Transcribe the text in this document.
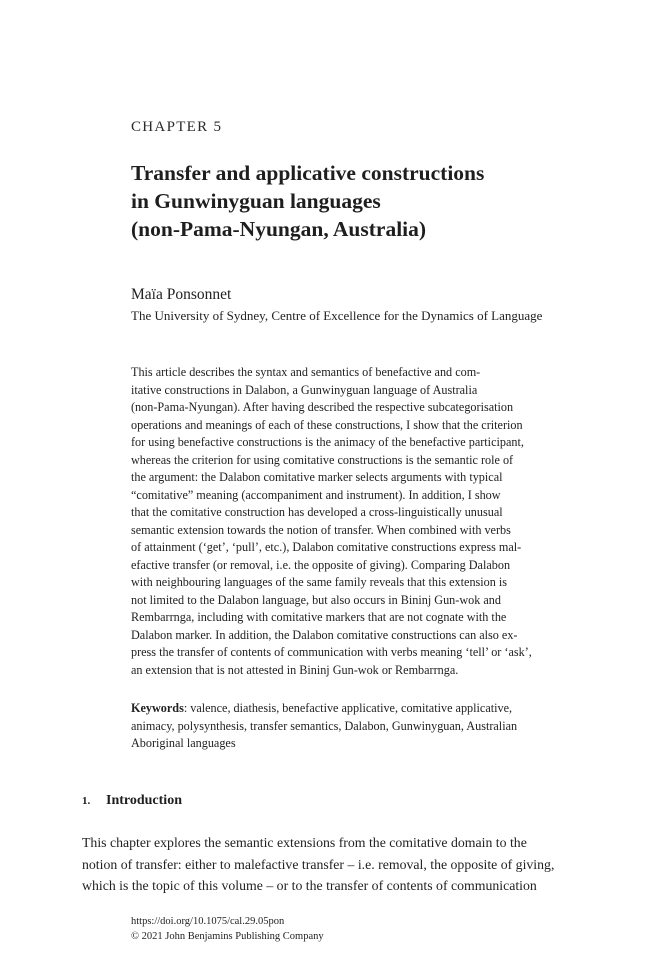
CHAPTER 5
Transfer and applicative constructions
in Gunwinyguan languages
(non-Pama-Nyungan, Australia)
Maïa Ponsonnet
The University of Sydney, Centre of Excellence for the Dynamics of Language
This article describes the syntax and semantics of benefactive and com-
itative constructions in Dalabon, a Gunwinyguan language of Australia
(non-Pama-Nyungan). After having described the respective subcategorisation
operations and meanings of each of these constructions, I show that the criterion
for using benefactive constructions is the animacy of the benefactive participant,
whereas the criterion for using comitative constructions is the semantic role of
the argument: the Dalabon comitative marker selects arguments with typical
“comitative” meaning (accompaniment and instrument). In addition, I show
that the comitative construction has developed a cross-linguistically unusual
semantic extension towards the notion of transfer. When combined with verbs
of attainment (‘get’, ‘pull’, etc.), Dalabon comitative constructions express mal-
efactive transfer (or removal, i.e. the opposite of giving). Comparing Dalabon
with neighbouring languages of the same family reveals that this extension is
not limited to the Dalabon language, but also occurs in Bininj Gun-wok and
Rembarrnga, including with comitative markers that are not cognate with the
Dalabon marker. In addition, the Dalabon comitative constructions can also ex-
press the transfer of contents of communication with verbs meaning ‘tell’ or ‘ask’,
an extension that is not attested in Bininj Gun-wok or Rembarrnga.
Keywords: valence, diathesis, benefactive applicative, comitative applicative,
animacy, polysynthesis, transfer semantics, Dalabon, Gunwinyguan, Australian
Aboriginal languages
1. Introduction
This chapter explores the semantic extensions from the comitative domain to the
notion of transfer: either to malefactive transfer – i.e. removal, the opposite of giving,
which is the topic of this volume – or to the transfer of contents of communication
https://doi.org/10.1075/cal.29.05pon
© 2021 John Benjamins Publishing Company
